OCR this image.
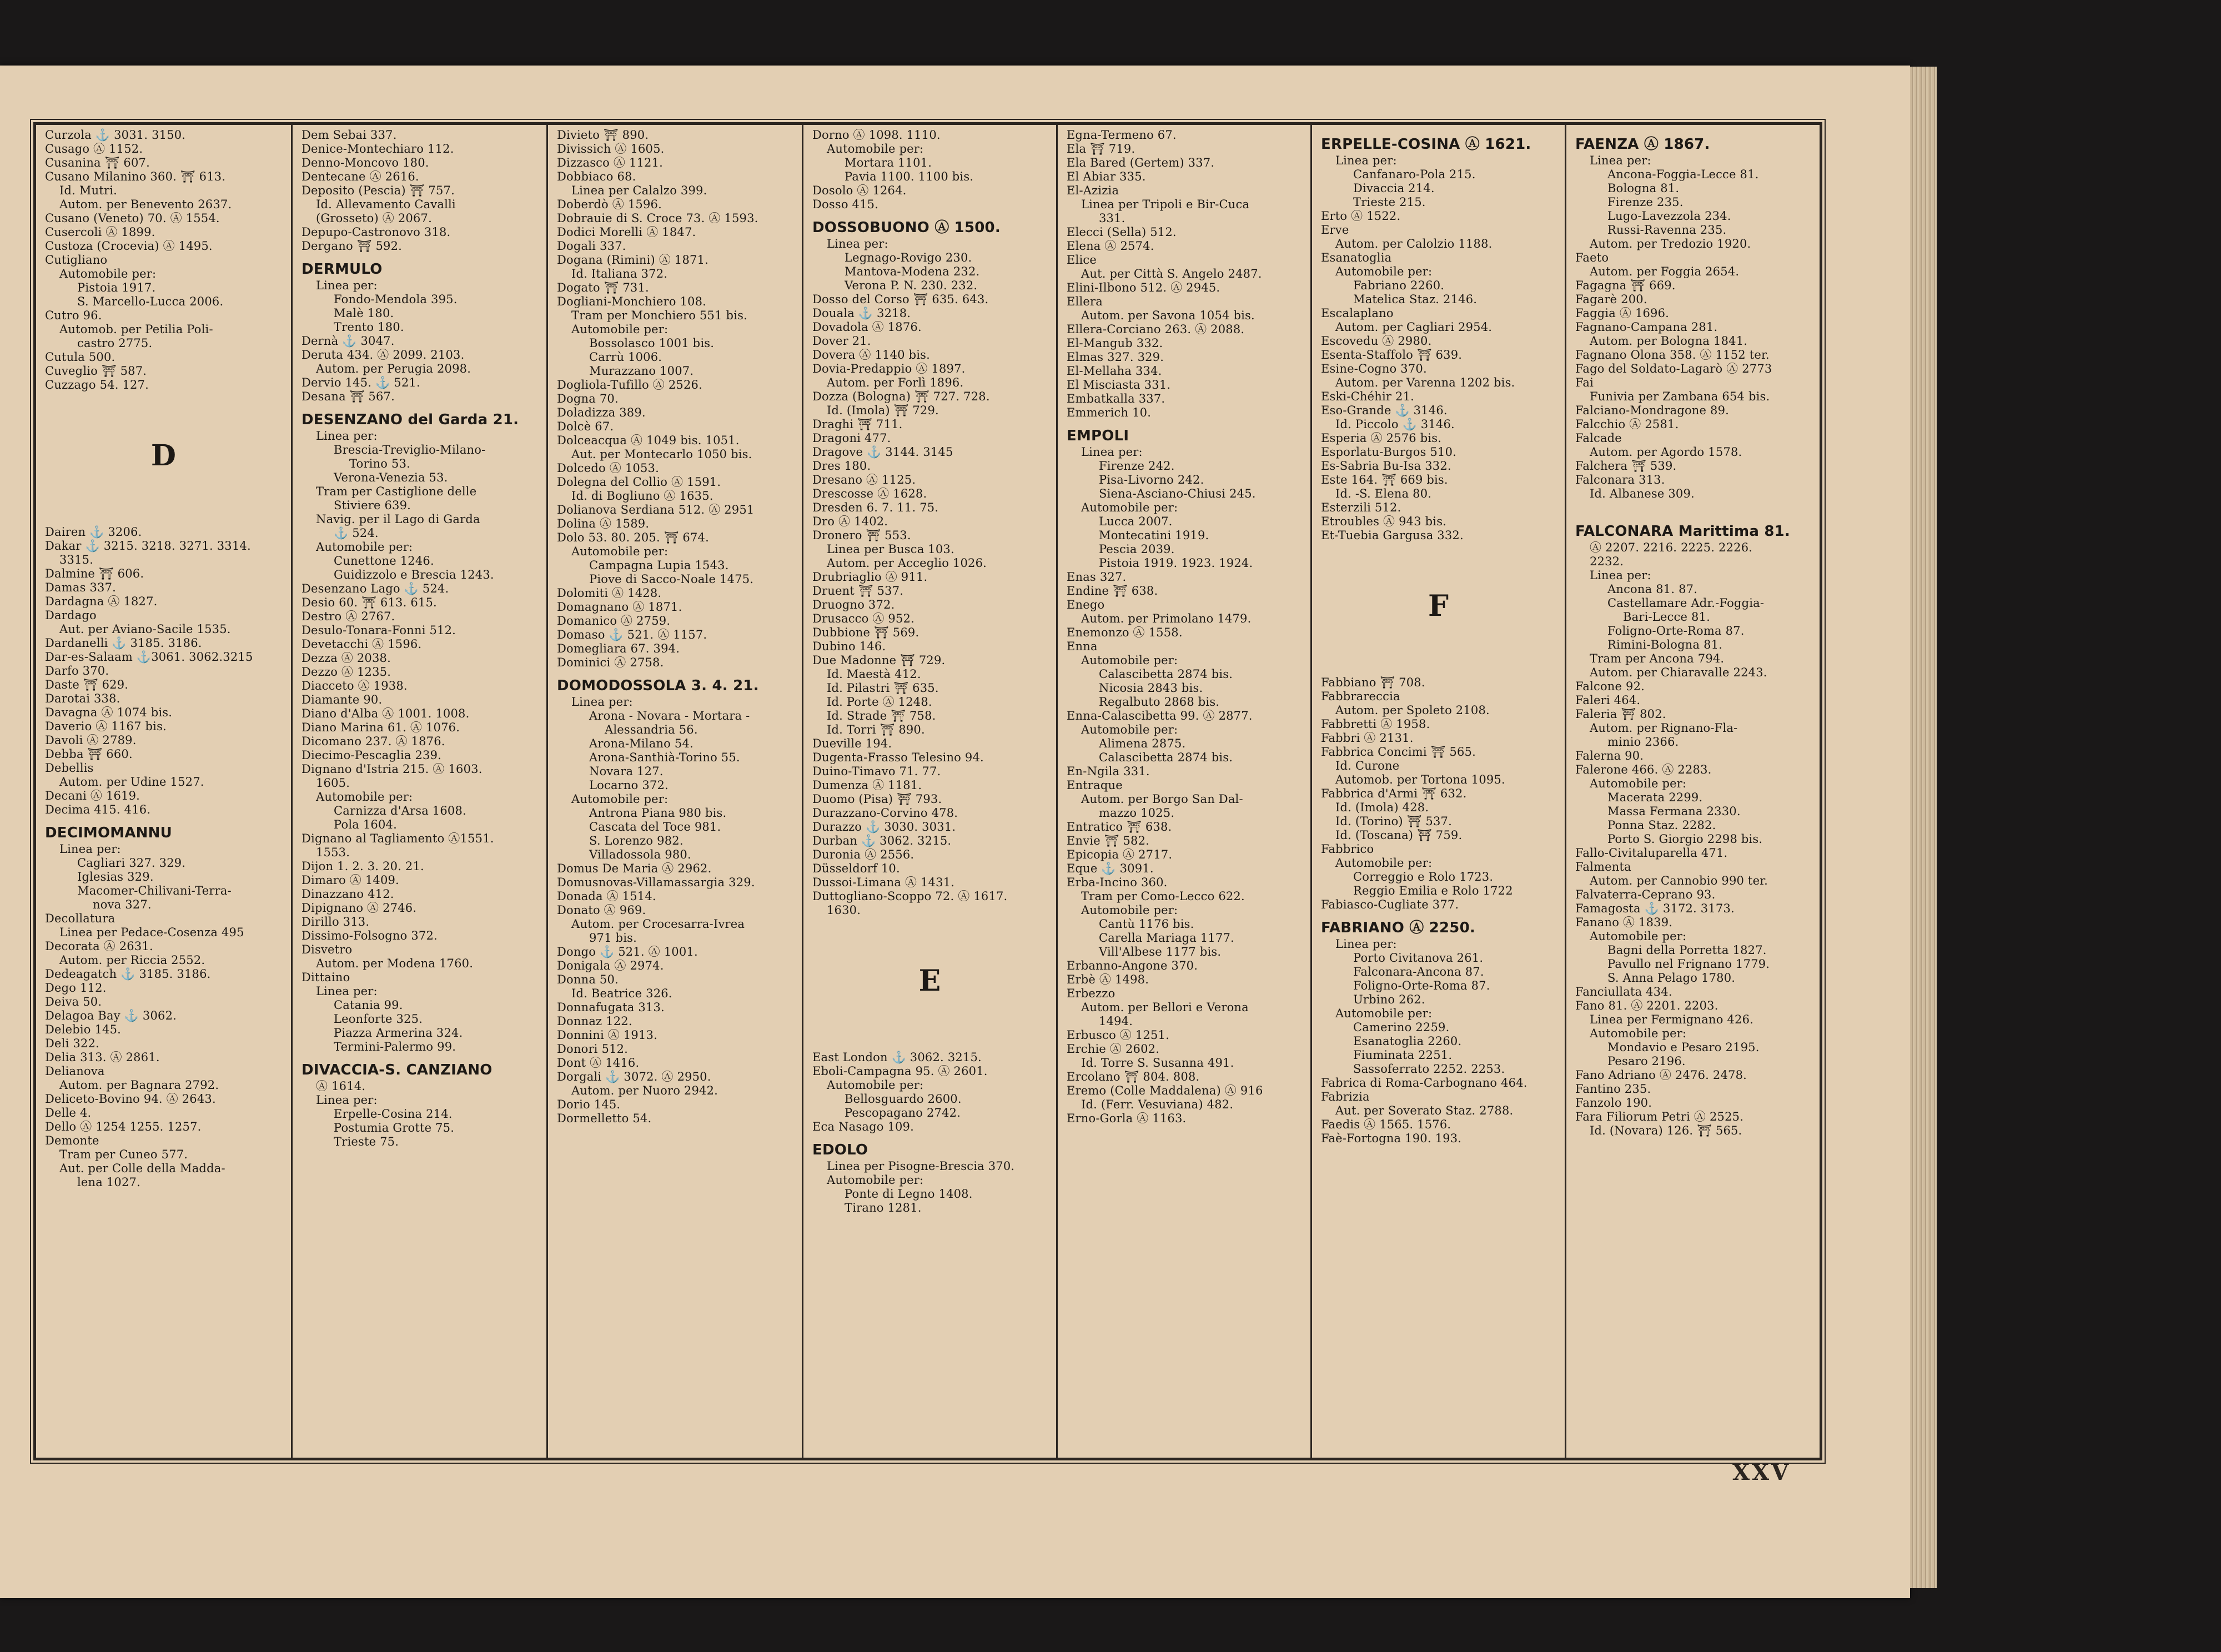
Curzola ⚓ 3031. 3150.
Cusago Ⓐ 1152.
Cusanina ⛩ 607.
Cusano Milanino 360. ⛩ 613.
Id. Mutri.
Autom. per Benevento 2637.
Cusano (Veneto) 70. Ⓐ 1554.
Cusercoli Ⓐ 1899.
Custoza (Crocevia) Ⓐ 1495.
Cutigliano
Automobile per:
Pistoia 1917.
S. Marcello-Lucca 2006.
Cutro 96.
Automob. per Petilia Poli-
castro 2775.
Cutula 500.
Cuveglio ⛩ 587.
Cuzzago 54. 127.
D
Dairen ⚓ 3206.
Dakar ⚓ 3215. 3218. 3271. 3314.
3315.
Dalmine ⛩ 606.
Damas 337.
Dardagna Ⓐ 1827.
Dardago
Aut. per Aviano-Sacile 1535.
Dardanelli ⚓ 3185. 3186.
Dar-es-Salaam ⚓3061. 3062.3215
Darfo 370.
Daste ⛩ 629.
Darotai 338.
Davagna Ⓐ 1074 bis.
Daverio Ⓐ 1167 bis.
Davoli Ⓐ 2789.
Debba ⛩ 660.
Debellis
Autom. per Udine 1527.
Decani Ⓐ 1619.
Decima 415. 416.
DECIMOMANNU
Linea per:
Cagliari 327. 329.
Iglesias 329.
Macomer-Chilivani-Terra-
nova 327.
Decollatura
Linea per Pedace-Cosenza 495
Decorata Ⓐ 2631.
Autom. per Riccia 2552.
Dedeagatch ⚓ 3185. 3186.
Dego 112.
Deiva 50.
Delagoa Bay ⚓ 3062.
Delebio 145.
Deli 322.
Delia 313. Ⓐ 2861.
Delianova
Autom. per Bagnara 2792.
Deliceto-Bovino 94. Ⓐ 2643.
Delle 4.
Dello Ⓐ 1254 1255. 1257.
Demonte
Tram per Cuneo 577.
Aut. per Colle della Madda-
lena 1027.
Dem Sebai 337.
Denice-Montechiaro 112.
Denno-Moncovo 180.
Dentecane Ⓐ 2616.
Deposito (Pescia) ⛩ 757.
Id. Allevamento Cavalli
(Grosseto) Ⓐ 2067.
Depupo-Castronovo 318.
Dergano ⛩ 592.
DERMULO
Linea per:
Fondo-Mendola 395.
Malè 180.
Trento 180.
Dernà ⚓ 3047.
Deruta 434. Ⓐ 2099. 2103.
Autom. per Perugia 2098.
Dervio 145. ⚓ 521.
Desana ⛩ 567.
DESENZANO del Garda 21.
Linea per:
Brescia-Treviglio-Milano-
Torino 53.
Verona-Venezia 53.
Tram per Castiglione delle
Stiviere 639.
Navig. per il Lago di Garda
⚓ 524.
Automobile per:
Cunettone 1246.
Guidizzolo e Brescia 1243.
Desenzano Lago ⚓ 524.
Desio 60. ⛩ 613. 615.
Destro Ⓐ 2767.
Desulo-Tonara-Fonni 512.
Devetacchi Ⓐ 1596.
Dezza Ⓐ 2038.
Dezzo Ⓐ 1235.
Diacceto Ⓐ 1938.
Diamante 90.
Diano d'Alba Ⓐ 1001. 1008.
Diano Marina 61. Ⓐ 1076.
Dicomano 237. Ⓐ 1876.
Diecimo-Pescaglia 239.
Dignano d'Istria 215. Ⓐ 1603.
1605.
Automobile per:
Carnizza d'Arsa 1608.
Pola 1604.
Dignano al Tagliamento Ⓐ1551.
1553.
Dijon 1. 2. 3. 20. 21.
Dimaro Ⓐ 1409.
Dinazzano 412.
Dipignano Ⓐ 2746.
Dirillo 313.
Dissimo-Folsogno 372.
Disvetro
Autom. per Modena 1760.
Dittaino
Linea per:
Catania 99.
Leonforte 325.
Piazza Armerina 324.
Termini-Palermo 99.
DIVACCIA-S. CANZIANO
Ⓐ 1614.
Linea per:
Erpelle-Cosina 214.
Postumia Grotte 75.
Trieste 75.
Divieto ⛩ 890.
Divissich Ⓐ 1605.
Dizzasco Ⓐ 1121.
Dobbiaco 68.
Linea per Calalzo 399.
Doberdò Ⓐ 1596.
Dobrauie di S. Croce 73. Ⓐ 1593.
Dodici Morelli Ⓐ 1847.
Dogali 337.
Dogana (Rimini) Ⓐ 1871.
Id. Italiana 372.
Dogato ⛩ 731.
Dogliani-Monchiero 108.
Tram per Monchiero 551 bis.
Automobile per:
Bossolasco 1001 bis.
Carrù 1006.
Murazzano 1007.
Dogliola-Tufillo Ⓐ 2526.
Dogna 70.
Doladizza 389.
Dolcè 67.
Dolceacqua Ⓐ 1049 bis. 1051.
Aut. per Montecarlo 1050 bis.
Dolcedo Ⓐ 1053.
Dolegna del Collio Ⓐ 1591.
Id. di Bogliuno Ⓐ 1635.
Dolianova Serdiana 512. Ⓐ 2951
Dolina Ⓐ 1589.
Dolo 53. 80. 205. ⛩ 674.
Automobile per:
Campagna Lupia 1543.
Piove di Sacco-Noale 1475.
Dolomiti Ⓐ 1428.
Domagnano Ⓐ 1871.
Domanico Ⓐ 2759.
Domaso ⚓ 521. Ⓐ 1157.
Domegliara 67. 394.
Dominici Ⓐ 2758.
DOMODOSSOLA 3. 4. 21.
Linea per:
Arona - Novara - Mortara -
Alessandria 56.
Arona-Milano 54.
Arona-Santhià-Torino 55.
Novara 127.
Locarno 372.
Automobile per:
Antrona Piana 980 bis.
Cascata del Toce 981.
S. Lorenzo 982.
Villadossola 980.
Domus De Maria Ⓐ 2962.
Domusnovas-Villamassargia 329.
Donada Ⓐ 1514.
Donato Ⓐ 969.
Autom. per Crocesarra-Ivrea
971 bis.
Dongo ⚓ 521. Ⓐ 1001.
Donigala Ⓐ 2974.
Donna 50.
Id. Beatrice 326.
Donnafugata 313.
Donnaz 122.
Donnini Ⓐ 1913.
Donori 512.
Dont Ⓐ 1416.
Dorgali ⚓ 3072. Ⓐ 2950.
Autom. per Nuoro 2942.
Dorio 145.
Dormelletto 54.
Dorno Ⓐ 1098. 1110.
Automobile per:
Mortara 1101.
Pavia 1100. 1100 bis.
Dosolo Ⓐ 1264.
Dosso 415.
DOSSOBUONO Ⓐ 1500.
Linea per:
Legnago-Rovigo 230.
Mantova-Modena 232.
Verona P. N. 230. 232.
Dosso del Corso ⛩ 635. 643.
Douala ⚓ 3218.
Dovadola Ⓐ 1876.
Dover 21.
Dovera Ⓐ 1140 bis.
Dovia-Predappio Ⓐ 1897.
Autom. per Forlì 1896.
Dozza (Bologna) ⛩ 727. 728.
Id. (Imola) ⛩ 729.
Draghi ⛩ 711.
Dragoni 477.
Dragove ⚓ 3144. 3145
Dres 180.
Dresano Ⓐ 1125.
Drescosse Ⓐ 1628.
Dresden 6. 7. 11. 75.
Dro Ⓐ 1402.
Dronero ⛩ 553.
Linea per Busca 103.
Autom. per Acceglio 1026.
Drubriaglio Ⓐ 911.
Druent ⛩ 537.
Druogno 372.
Drusacco Ⓐ 952.
Dubbione ⛩ 569.
Dubino 146.
Due Madonne ⛩ 729.
Id. Maestà 412.
Id. Pilastri ⛩ 635.
Id. Porte Ⓐ 1248.
Id. Strade ⛩ 758.
Id. Torri ⛩ 890.
Dueville 194.
Dugenta-Frasso Telesino 94.
Duino-Timavo 71. 77.
Dumenza Ⓐ 1181.
Duomo (Pisa) ⛩ 793.
Durazzano-Corvino 478.
Durazzo ⚓ 3030. 3031.
Durban ⚓ 3062. 3215.
Duronia Ⓐ 2556.
Düsseldorf 10.
Dussoi-Limana Ⓐ 1431.
Duttogliano-Scoppo 72. Ⓐ 1617.
1630.
E
East London ⚓ 3062. 3215.
Eboli-Campagna 95. Ⓐ 2601.
Automobile per:
Bellosguardo 2600.
Pescopagano 2742.
Eca Nasago 109.
EDOLO
Linea per Pisogne-Brescia 370.
Automobile per:
Ponte di Legno 1408.
Tirano 1281.
Egna-Termeno 67.
Ela ⛩ 719.
Ela Bared (Gertem) 337.
El Abiar 335.
El-Azizia
Linea per Tripoli e Bir-Cuca
331.
Elecci (Sella) 512.
Elena Ⓐ 2574.
Elice
Aut. per Città S. Angelo 2487.
Elini-Ilbono 512. Ⓐ 2945.
Ellera
Autom. per Savona 1054 bis.
Ellera-Corciano 263. Ⓐ 2088.
El-Mangub 332.
Elmas 327. 329.
El-Mellaha 334.
El Misciasta 331.
Embatkalla 337.
Emmerich 10.
EMPOLI
Linea per:
Firenze 242.
Pisa-Livorno 242.
Siena-Asciano-Chiusi 245.
Automobile per:
Lucca 2007.
Montecatini 1919.
Pescia 2039.
Pistoia 1919. 1923. 1924.
Enas 327.
Endine ⛩ 638.
Enego
Autom. per Primolano 1479.
Enemonzo Ⓐ 1558.
Enna
Automobile per:
Calascibetta 2874 bis.
Nicosia 2843 bis.
Regalbuto 2868 bis.
Enna-Calascibetta 99. Ⓐ 2877.
Automobile per:
Alimena 2875.
Calascibetta 2874 bis.
En-Ngila 331.
Entraque
Autom. per Borgo San Dal-
mazzo 1025.
Entratico ⛩ 638.
Envie ⛩ 582.
Epicopia Ⓐ 2717.
Eque ⚓ 3091.
Erba-Incino 360.
Tram per Como-Lecco 622.
Automobile per:
Cantù 1176 bis.
Carella Mariaga 1177.
Vill'Albese 1177 bis.
Erbanno-Angone 370.
Erbè Ⓐ 1498.
Erbezzo
Autom. per Bellori e Verona
1494.
Erbusco Ⓐ 1251.
Erchie Ⓐ 2602.
Id. Torre S. Susanna 491.
Ercolano ⛩ 804. 808.
Eremo (Colle Maddalena) Ⓐ 916
Id. (Ferr. Vesuviana) 482.
Erno-Gorla Ⓐ 1163.
ERPELLE-COSINA Ⓐ 1621.
Linea per:
Canfanaro-Pola 215.
Divaccia 214.
Trieste 215.
Erto Ⓐ 1522.
Erve
Autom. per Calolzio 1188.
Esanatoglia
Automobile per:
Fabriano 2260.
Matelica Staz. 2146.
Escalaplano
Autom. per Cagliari 2954.
Escovedu Ⓐ 2980.
Esenta-Staffolo ⛩ 639.
Esine-Cogno 370.
Autom. per Varenna 1202 bis.
Eski-Chéhir 21.
Eso-Grande ⚓ 3146.
Id. Piccolo ⚓ 3146.
Esperia Ⓐ 2576 bis.
Esporlatu-Burgos 510.
Es-Sabria Bu-Isa 332.
Este 164. ⛩ 669 bis.
Id. -S. Elena 80.
Esterzili 512.
Etroubles Ⓐ 943 bis.
Et-Tuebia Gargusa 332.
F
Fabbiano ⛩ 708.
Fabbrareccia
Autom. per Spoleto 2108.
Fabbretti Ⓐ 1958.
Fabbri Ⓐ 2131.
Fabbrica Concimi ⛩ 565.
Id. Curone
Automob. per Tortona 1095.
Fabbrica d'Armi ⛩ 632.
Id. (Imola) 428.
Id. (Torino) ⛩ 537.
Id. (Toscana) ⛩ 759.
Fabbrico
Automobile per:
Correggio e Rolo 1723.
Reggio Emilia e Rolo 1722
Fabiasco-Cugliate 377.
FABRIANO Ⓐ 2250.
Linea per:
Porto Civitanova 261.
Falconara-Ancona 87.
Foligno-Orte-Roma 87.
Urbino 262.
Automobile per:
Camerino 2259.
Esanatoglia 2260.
Fiuminata 2251.
Sassoferrato 2252. 2253.
Fabrica di Roma-Carbognano 464.
Fabrizia
Aut. per Soverato Staz. 2788.
Faedis Ⓐ 1565. 1576.
Faè-Fortogna 190. 193.
FAENZA Ⓐ 1867.
Linea per:
Ancona-Foggia-Lecce 81.
Bologna 81.
Firenze 235.
Lugo-Lavezzola 234.
Russi-Ravenna 235.
Autom. per Tredozio 1920.
Faeto
Autom. per Foggia 2654.
Fagagna ⛩ 669.
Fagarè 200.
Faggia Ⓐ 1696.
Fagnano-Campana 281.
Autom. per Bologna 1841.
Fagnano Olona 358. Ⓐ 1152 ter.
Fago del Soldato-Lagarò Ⓐ 2773
Fai
Funivia per Zambana 654 bis.
Falciano-Mondragone 89.
Falcchio Ⓐ 2581.
Falcade
Autom. per Agordo 1578.
Falchera ⛩ 539.
Falconara 313.
Id. Albanese 309.
FALCONARA Marittima 81.
Ⓐ 2207. 2216. 2225. 2226.
2232.
Linea per:
Ancona 81. 87.
Castellamare Adr.-Foggia-
Bari-Lecce 81.
Foligno-Orte-Roma 87.
Rimini-Bologna 81.
Tram per Ancona 794.
Autom. per Chiaravalle 2243.
Falcone 92.
Faleri 464.
Faleria ⛩ 802.
Autom. per Rignano-Fla-
minio 2366.
Falerna 90.
Falerone 466. Ⓐ 2283.
Automobile per:
Macerata 2299.
Massa Fermana 2330.
Ponna Staz. 2282.
Porto S. Giorgio 2298 bis.
Fallo-Civitaluparella 471.
Falmenta
Autom. per Cannobio 990 ter.
Falvaterra-Ceprano 93.
Famagosta ⚓ 3172. 3173.
Fanano Ⓐ 1839.
Automobile per:
Bagni della Porretta 1827.
Pavullo nel Frignano 1779.
S. Anna Pelago 1780.
Fanciullata 434.
Fano 81. Ⓐ 2201. 2203.
Linea per Fermignano 426.
Automobile per:
Mondavio e Pesaro 2195.
Pesaro 2196.
Fano Adriano Ⓐ 2476. 2478.
Fantino 235.
Fanzolo 190.
Fara Filiorum Petri Ⓐ 2525.
Id. (Novara) 126. ⛩ 565.
XXV
